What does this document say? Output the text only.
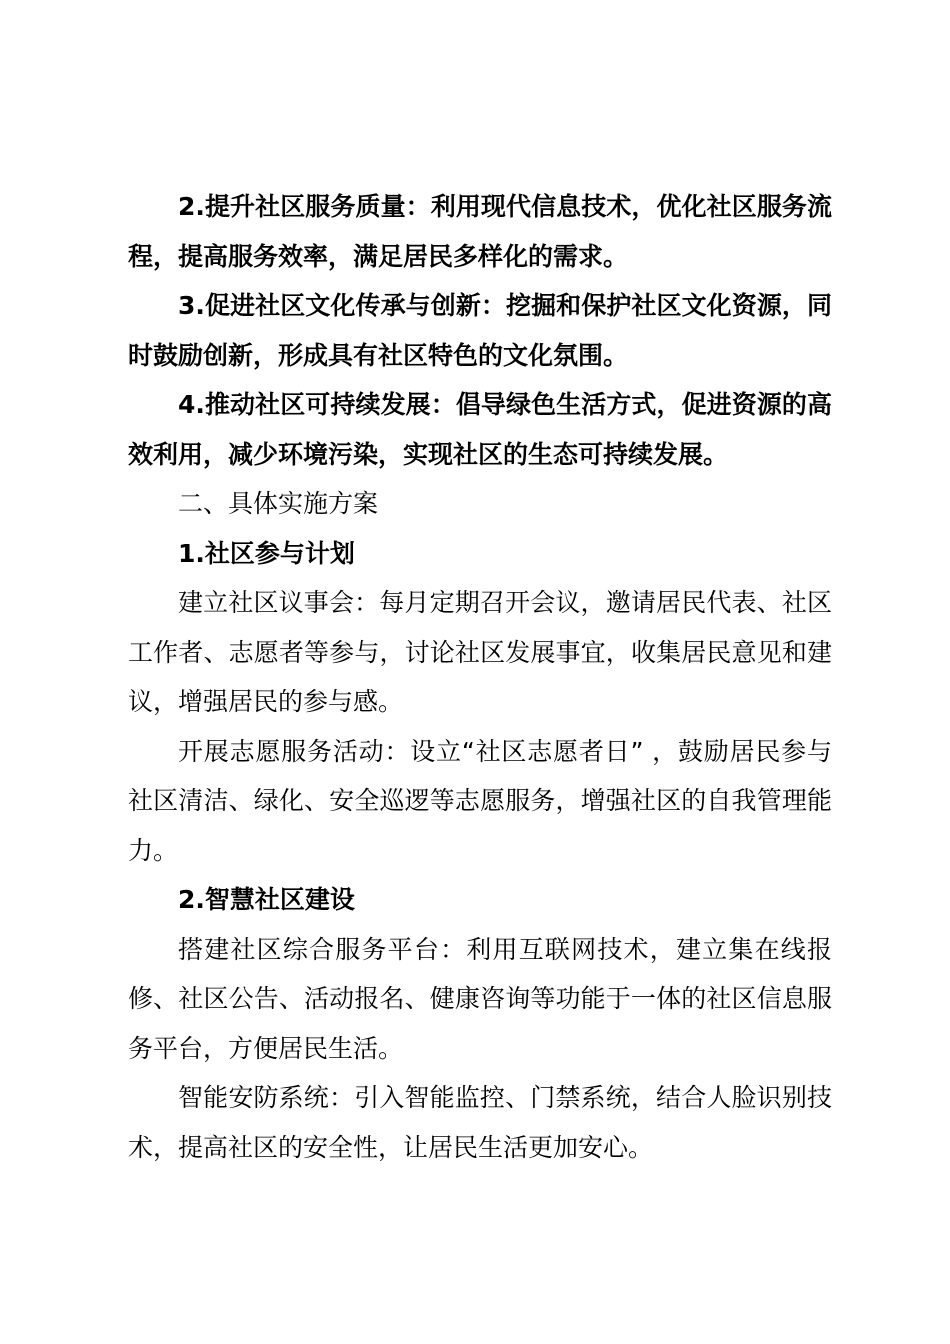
2.提升社区服务质量：利用现代信息技术，优化社区服务流程，提高服务效率，满足居民多样化的需求。

3.促进社区文化传承与创新：挖掘和保护社区文化资源，同时鼓励创新，形成具有社区特色的文化氛围。

4.推动社区可持续发展：倡导绿色生活方式，促进资源的高效利用，减少环境污染，实现社区的生态可持续发展。

二、具体实施方案

1.社区参与计划

建立社区议事会：每月定期召开会议，邀请居民代表、社区工作者、志愿者等参与，讨论社区发展事宜，收集居民意见和建议，增强居民的参与感。

开展志愿服务活动：设立“社区志愿者日” ，鼓励居民参与社区清洁、绿化、安全巡逻等志愿服务，增强社区的自我管理能力。

2.智慧社区建设

搭建社区综合服务平台：利用互联网技术，建立集在线报修、社区公告、活动报名、健康咨询等功能于一体的社区信息服务平台，方便居民生活。

智能安防系统：引入智能监控、门禁系统，结合人脸识别技术，提高社区的安全性，让居民生活更加安心。
